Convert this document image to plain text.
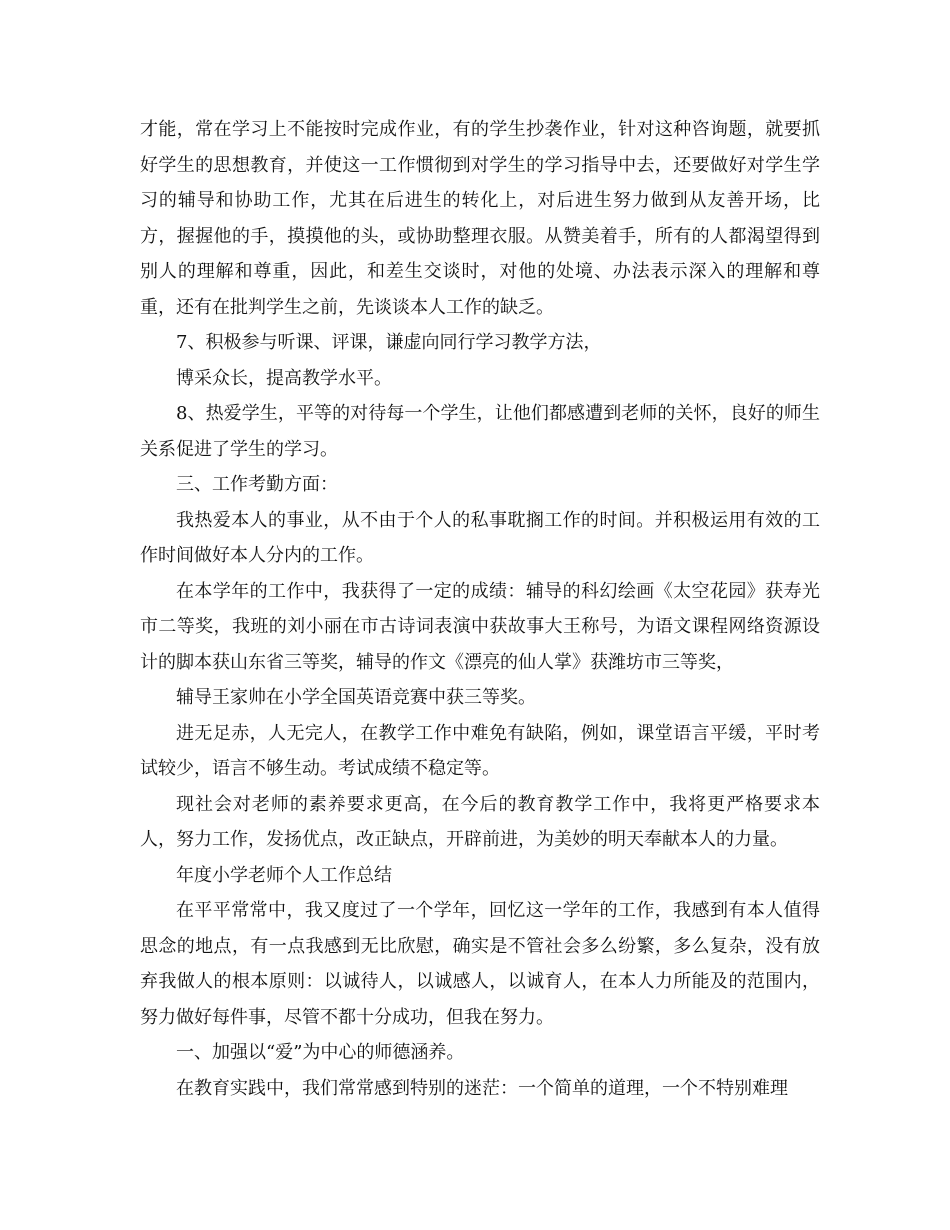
才能，常在学习上不能按时完成作业，有的学生抄袭作业，针对这种咨询题，就要抓好学生的思想教育，并使这一工作惯彻到对学生的学习指导中去，还要做好对学生学习的辅导和协助工作，尤其在后进生的转化上，对后进生努力做到从友善开场，比方，握握他的手，摸摸他的头，或协助整理衣服。从赞美着手，所有的人都渴望得到别人的理解和尊重，因此，和差生交谈时，对他的处境、办法表示深入的理解和尊重，还有在批判学生之前，先谈谈本人工作的缺乏。

7、积极参与听课、评课，谦虚向同行学习教学方法，

博采众长，提高教学水平。

8、热爱学生，平等的对待每一个学生，让他们都感遭到老师的关怀，良好的师生关系促进了学生的学习。

三、工作考勤方面：

我热爱本人的事业，从不由于个人的私事耽搁工作的时间。并积极运用有效的工作时间做好本人分内的工作。

在本学年的工作中，我获得了一定的成绩：辅导的科幻绘画《太空花园》获寿光市二等奖，我班的刘小丽在市古诗词表演中获故事大王称号，为语文课程网络资源设计的脚本获山东省三等奖，辅导的作文《漂亮的仙人掌》获潍坊市三等奖，

辅导王家帅在小学全国英语竞赛中获三等奖。

进无足赤，人无完人，在教学工作中难免有缺陷，例如，课堂语言平缓，平时考试较少，语言不够生动。考试成绩不稳定等。

现社会对老师的素养要求更高，在今后的教育教学工作中，我将更严格要求本人，努力工作，发扬优点，改正缺点，开辟前进，为美妙的明天奉献本人的力量。

年度小学老师个人工作总结

在平平常常中，我又度过了一个学年，回忆这一学年的工作，我感到有本人值得思念的地点，有一点我感到无比欣慰，确实是不管社会多么纷繁，多么复杂，没有放弃我做人的根本原则：以诚待人，以诚感人，以诚育人，在本人力所能及的范围内，努力做好每件事，尽管不都十分成功，但我在努力。

一、加强以“爱”为中心的师德涵养。

在教育实践中，我们常常感到特别的迷茫：一个简单的道理，一个不特别难理
